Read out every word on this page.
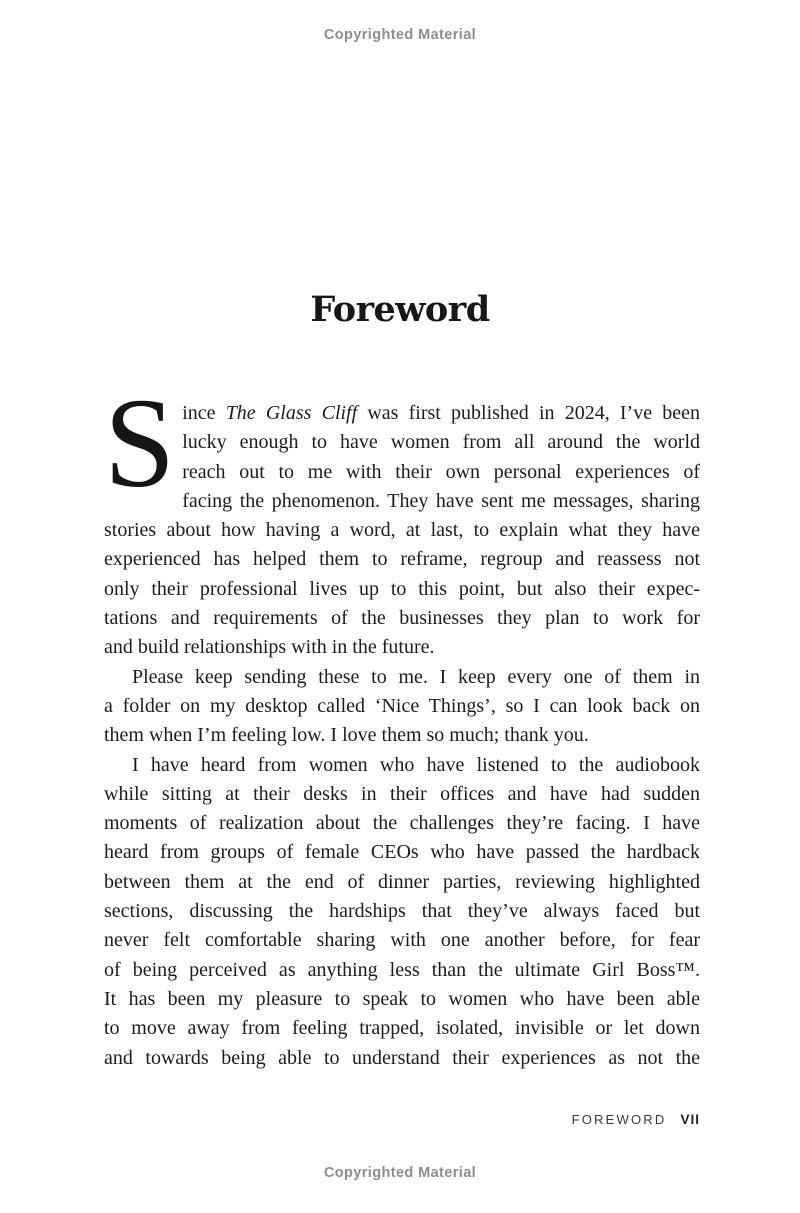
Copyrighted Material
Foreword
S ince The Glass Cliff was first published in 2024, I’ve been
lucky enough to have women from all around the world
reach out to me with their own personal experiences of
facing the phenomenon. They have sent me messages, sharing
stories about how having a word, at last, to explain what they have
experienced has helped them to reframe, regroup and reassess not
only their professional lives up to this point, but also their expec-
tations and requirements of the businesses they plan to work for
and build relationships with in the future.
Please keep sending these to me. I keep every one of them in
a folder on my desktop called ‘Nice Things’, so I can look back on
them when I’m feeling low. I love them so much; thank you.
I have heard from women who have listened to the audiobook
while sitting at their desks in their offices and have had sudden
moments of realization about the challenges they’re facing. I have
heard from groups of female CEOs who have passed the hardback
between them at the end of dinner parties, reviewing highlighted
sections, discussing the hardships that they’ve always faced but
never felt comfortable sharing with one another before, for fear
of being perceived as anything less than the ultimate Girl Boss™.
It has been my pleasure to speak to women who have been able
to move away from feeling trapped, isolated, invisible or let down
and towards being able to understand their experiences as not the
FOREWORD VII
Copyrighted Material
